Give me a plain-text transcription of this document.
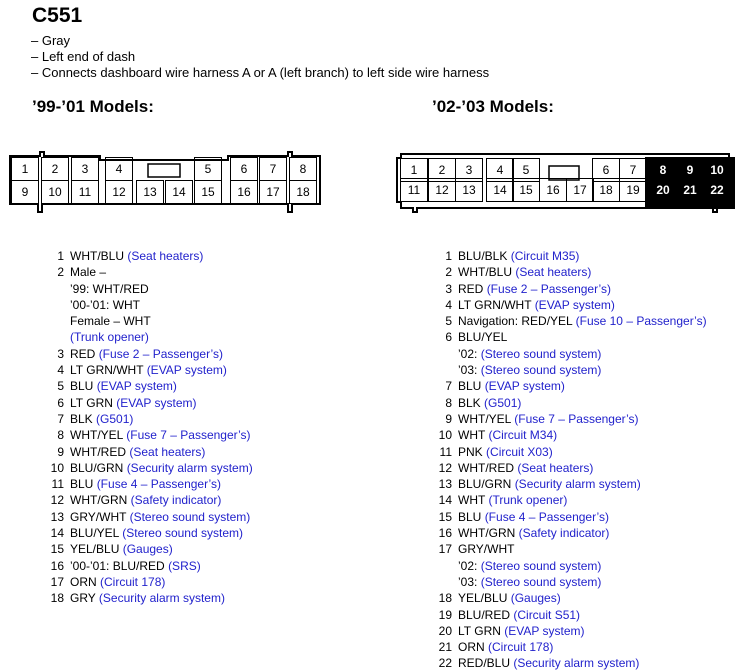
C551
– Gray
– Left end of dash
– Connects dashboard wire harness A or A (left branch) to left side wire harness
’99-’01 Models:	’02-’03 Models:
1	2	3	4	5	6	7	8
9	10	11	12	13	14	15	16	17	18
1	2	3	4	5	6	7	8	9	10
11	12	13	14	15	16	17	18	19	20	21	22
1 WHT/BLU (Seat heaters)
2 Male –
’99: WHT/RED
’00-’01: WHT
Female – WHT
(Trunk opener)
3 RED (Fuse 2 – Passenger’s)
4 LT GRN/WHT (EVAP system)
5 BLU (EVAP system)
6 LT GRN (EVAP system)
7 BLK (G501)
8 WHT/YEL (Fuse 7 – Passenger’s)
9 WHT/RED (Seat heaters)
10 BLU/GRN (Security alarm system)
11 BLU (Fuse 4 – Passenger’s)
12 WHT/GRN (Safety indicator)
13 GRY/WHT (Stereo sound system)
14 BLU/YEL (Stereo sound system)
15 YEL/BLU (Gauges)
16 ’00-’01: BLU/RED (SRS)
17 ORN (Circuit 178)
18 GRY (Security alarm system)
1 BLU/BLK (Circuit M35)
2 WHT/BLU (Seat heaters)
3 RED (Fuse 2 – Passenger’s)
4 LT GRN/WHT (EVAP system)
5 Navigation: RED/YEL (Fuse 10 – Passenger’s)
6 BLU/YEL
’02: (Stereo sound system)
’03: (Stereo sound system)
7 BLU (EVAP system)
8 BLK (G501)
9 WHT/YEL (Fuse 7 – Passenger’s)
10 WHT (Circuit M34)
11 PNK (Circuit X03)
12 WHT/RED (Seat heaters)
13 BLU/GRN (Security alarm system)
14 WHT (Trunk opener)
15 BLU (Fuse 4 – Passenger’s)
16 WHT/GRN (Safety indicator)
17 GRY/WHT
’02: (Stereo sound system)
’03: (Stereo sound system)
18 YEL/BLU (Gauges)
19 BLU/RED (Circuit S51)
20 LT GRN (EVAP system)
21 ORN (Circuit 178)
22 RED/BLU (Security alarm system)
